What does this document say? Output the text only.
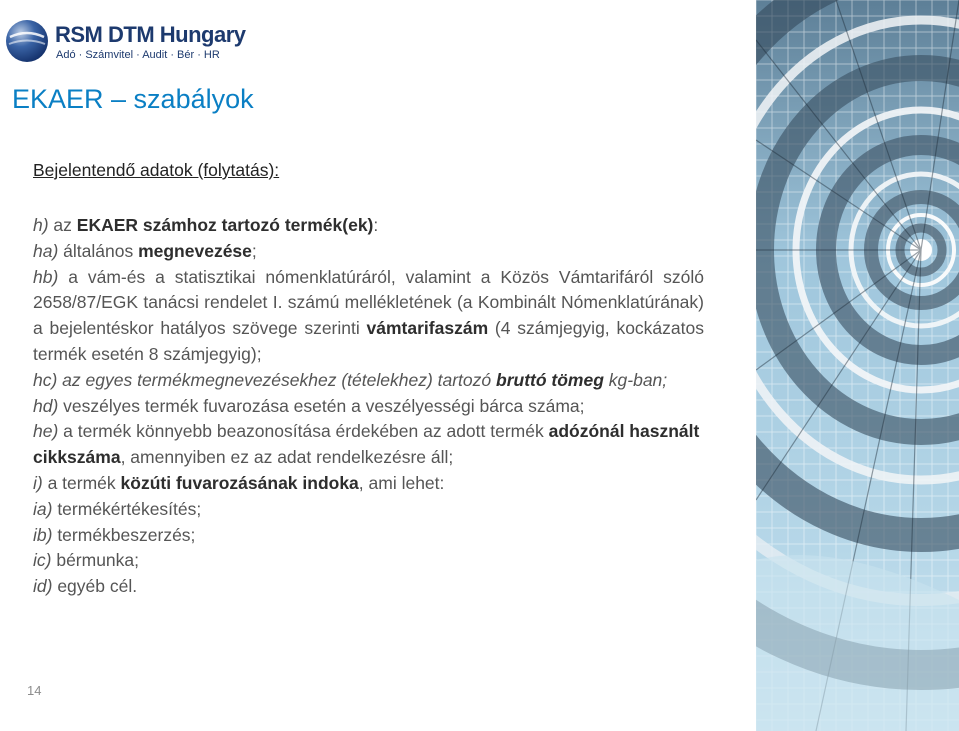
RSM DTM Hungary
Adó · Számvitel · Audit · Bér · HR
EKAER – szabályok
Bejelentendő adatok (folytatás):

h) az EKAER számhoz tartozó termék(ek):

ha) általános megnevezése;

hb) a vám-és a statisztikai nómenklatúráról, valamint a Közös Vámtarifáról szóló 2658/87/EGK tanácsi rendelet I. számú mellékletének (a Kombinált Nómenklatúrának) a bejelentéskor hatályos szövege szerinti vámtarifaszám (4 számjegyig, kockázatos termék esetén 8 számjegyig);

hc) az egyes termékmegnevezésekhez (tételekhez) tartozó bruttó tömeg kg-ban;

hd) veszélyes termék fuvarozása esetén a veszélyességi bárca száma;

he) a termék könnyebb beazonosítása érdekében az adott termék adózónál használt cikkszáma, amennyiben ez az adat rendelkezésre áll;

i) a termék közúti fuvarozásának indoka, ami lehet:

ia) termékértékesítés;

ib) termékbeszerzés;

ic) bérmunka;

id) egyéb cél.

14
